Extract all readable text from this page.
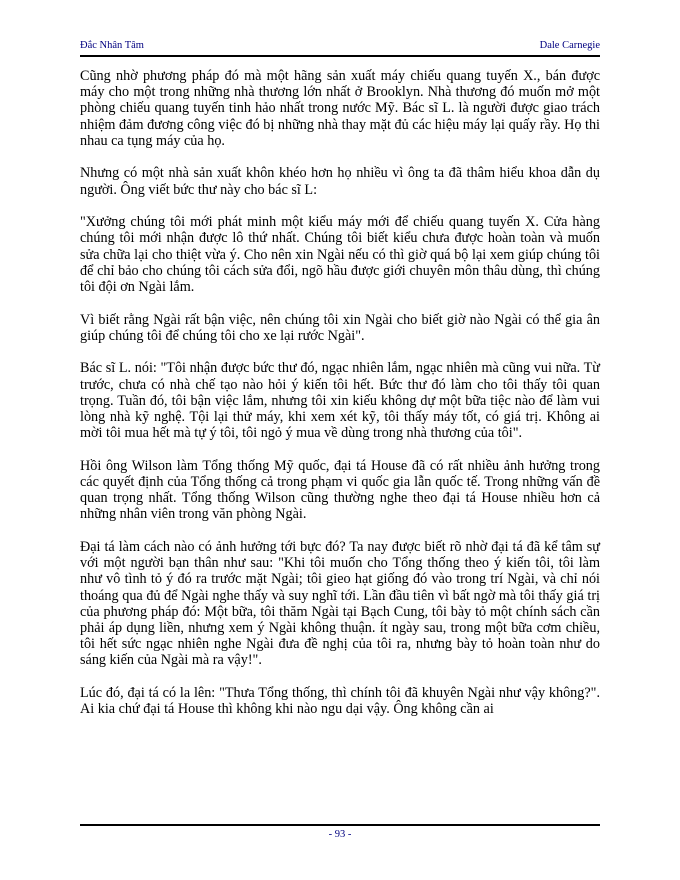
Đắc Nhân Tâm	Dale Carnegie

Cũng nhờ phương pháp đó mà một hãng sản xuất máy chiếu quang tuyến X., bán được máy cho một trong những nhà thương lớn nhất ở Brooklyn. Nhà thương đó muốn mở một phòng chiếu quang tuyến tinh hảo nhất trong nước Mỹ. Bác sĩ L. là người được giao trách nhiệm đảm đương công việc đó bị những nhà thay mặt đủ các hiệu máy lại quấy rầy. Họ thi nhau ca tụng máy của họ.

Nhưng có một nhà sản xuất khôn khéo hơn họ nhiều vì ông ta đã thâm hiểu khoa dẫn dụ người. Ông viết bức thư này cho bác sĩ L:

"Xưởng chúng tôi mới phát minh một kiểu máy mới để chiếu quang tuyến X. Cửa hàng chúng tôi mới nhận được lô thứ nhất. Chúng tôi biết kiểu chưa được hoàn toàn và muốn sửa chữa lại cho thiệt vừa ý. Cho nên xin Ngài nếu có thì giờ quá bộ lại xem giúp chúng tôi để chỉ bảo cho chúng tôi cách sửa đổi, ngõ hầu được giới chuyên môn thâu dùng, thì chúng tôi đội ơn Ngài lắm.

Vì biết rằng Ngài rất bận việc, nên chúng tôi xin Ngài cho biết giờ nào Ngài có thể gia ân giúp chúng tôi để chúng tôi cho xe lại rước Ngài".

Bác sĩ L. nói: "Tôi nhận được bức thư đó, ngạc nhiên lắm, ngạc nhiên mà cũng vui nữa. Từ trước, chưa có nhà chế tạo nào hỏi ý kiến tôi hết. Bức thư đó làm cho tôi thấy tôi quan trọng. Tuần đó, tôi bận việc lắm, nhưng tôi xin kiếu không dự một bữa tiệc nào để làm vui lòng nhà kỹ nghệ. Tội lại thử máy, khi xem xét kỹ, tôi thấy máy tốt, có giá trị. Không ai mời tôi mua hết mà tự ý tôi, tôi ngỏ ý mua về dùng trong nhà thương của tôi".

Hồi ông Wilson làm Tổng thống Mỹ quốc, đại tá House đã có rất nhiều ảnh hưởng trong các quyết định của Tổng thống cả trong phạm vi quốc gia lẫn quốc tế. Trong những vấn đề quan trọng nhất. Tổng thống Wilson cũng thường nghe theo đại tá House nhiều hơn cả những nhân viên trong văn phòng Ngài.

Đại tá làm cách nào có ảnh hưởng tới bực đó? Ta nay được biết rõ nhờ đại tá đã kể tâm sự với một người bạn thân như sau: "Khi tôi muốn cho Tổng thống theo ý kiến tôi, tôi làm như vô tình tỏ ý đó ra trước mặt Ngài; tôi gieo hạt giống đó vào trong trí Ngài, và chỉ nói thoáng qua đủ để Ngài nghe thấy và suy nghĩ tới. Lần đầu tiên vì bất ngờ mà tôi thấy giá trị của phương pháp đó: Một bữa, tôi thăm Ngài tại Bạch Cung, tôi bày tỏ một chính sách cần phải áp dụng liền, nhưng xem ý Ngài không thuận. ít ngày sau, trong một bữa cơm chiều, tôi hết sức ngạc nhiên nghe Ngài đưa đề nghị của tôi ra, nhưng bày tỏ hoàn toàn như do sáng kiến của Ngài mà ra vậy!".

Lúc đó, đại tá có la lên: "Thưa Tổng thống, thì chính tôi đã khuyên Ngài như vậy không?". Ai kia chứ đại tá House thì không khi nào ngu dại vậy. Ông không cần ai

- 93 -
